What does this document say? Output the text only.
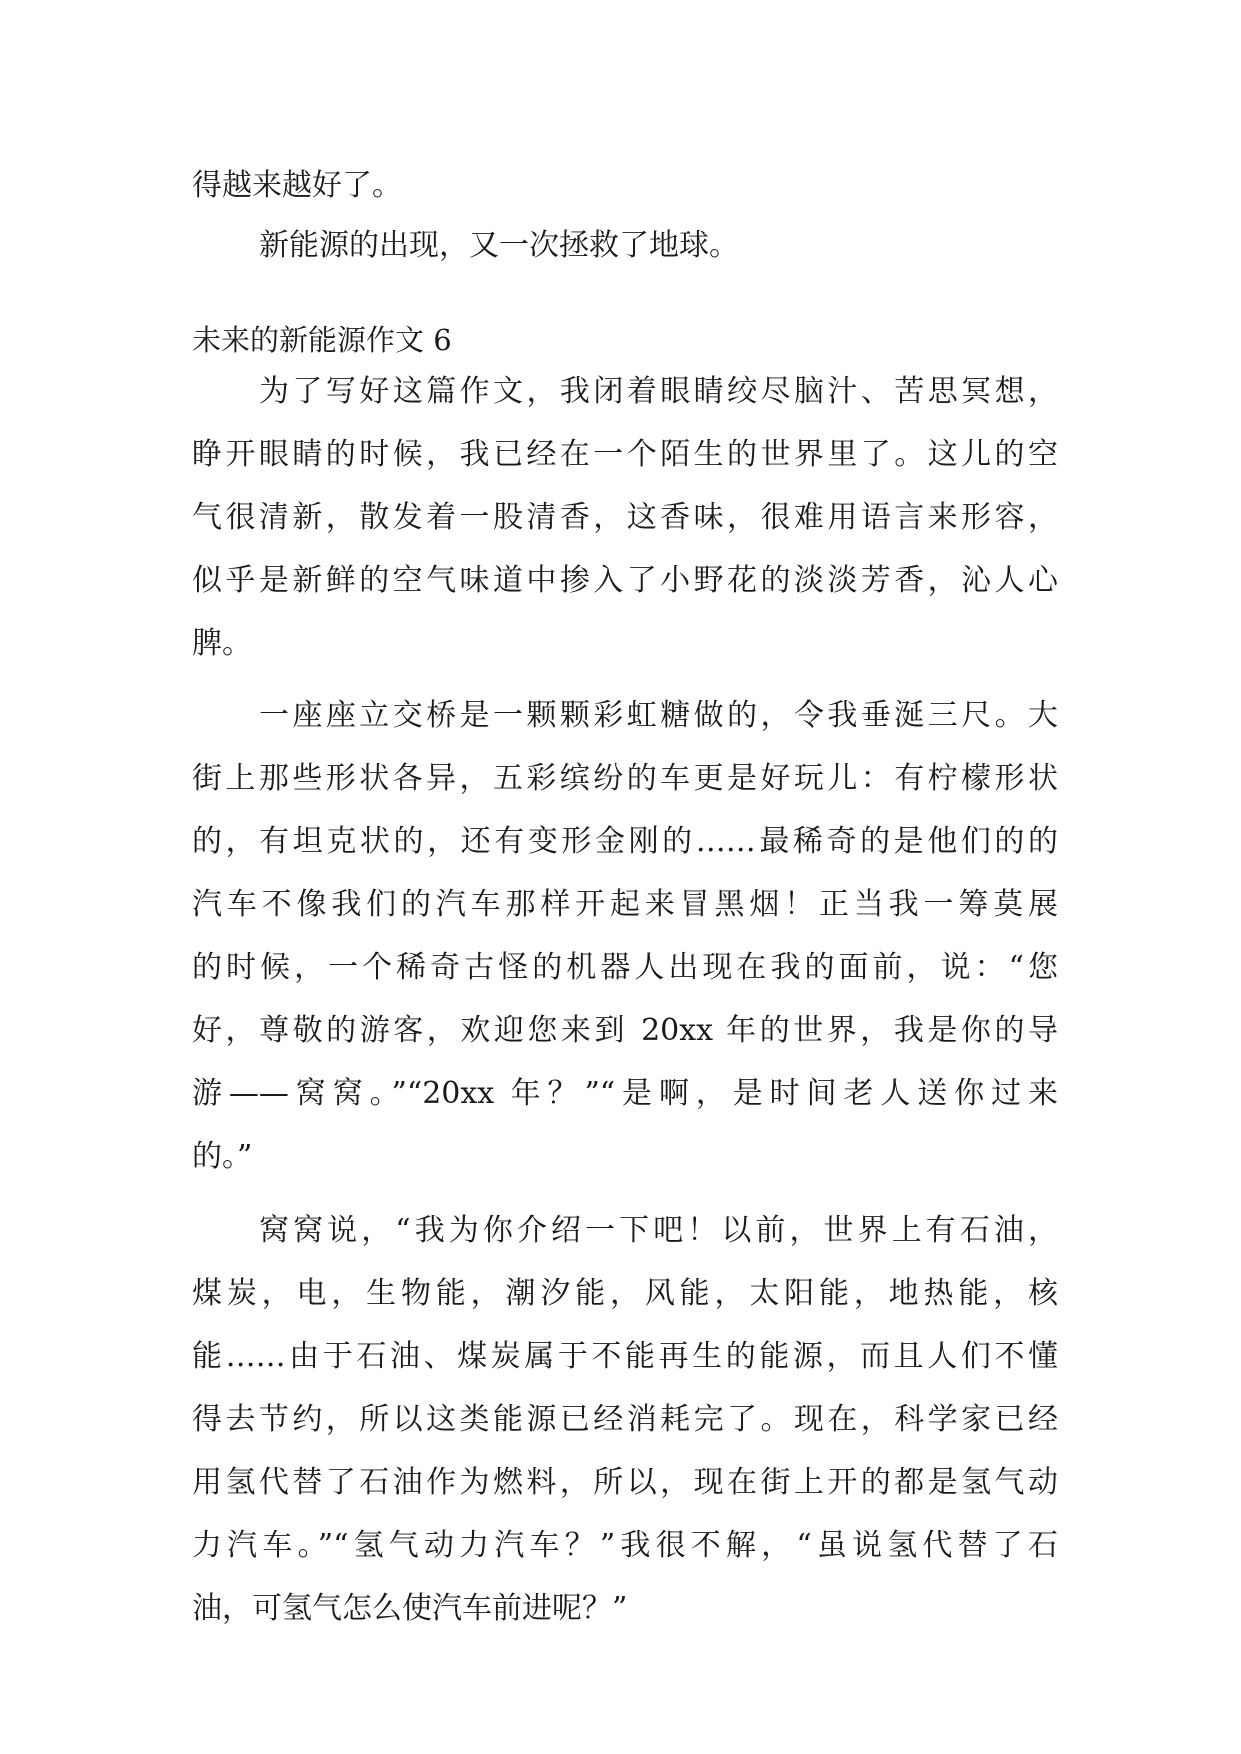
得越来越好了。
新能源的出现，又一次拯救了地球。
未来的新能源作文 6
为了写好这篇作文，我闭着眼睛绞尽脑汁、苦思冥想，
睁开眼睛的时候，我已经在一个陌生的世界里了。这儿的空
气很清新，散发着一股清香，这香味，很难用语言来形容，
似乎是新鲜的空气味道中掺入了小野花的淡淡芳香，沁人心
脾。
一座座立交桥是一颗颗彩虹糖做的，令我垂涎三尺。大
街上那些形状各异，五彩缤纷的车更是好玩儿：有柠檬形状
的，有坦克状的，还有变形金刚的……最稀奇的是他们的的
汽车不像我们的汽车那样开起来冒黑烟！正当我一筹莫展
的时候，一个稀奇古怪的机器人出现在我的面前，说：“您
好，尊敬的游客，欢迎您来到 20xx 年的世界，我是你的导
游——窝窝。”“20xx 年？”“是啊，是时间老人送你过来
的。”
窝窝说，“我为你介绍一下吧！以前，世界上有石油，
煤炭，电，生物能，潮汐能，风能，太阳能，地热能，核
能……由于石油、煤炭属于不能再生的能源，而且人们不懂
得去节约，所以这类能源已经消耗完了。现在，科学家已经
用氢代替了石油作为燃料，所以，现在街上开的都是氢气动
力汽车。”“氢气动力汽车？”我很不解，“虽说氢代替了石
油，可氢气怎么使汽车前进呢？”
